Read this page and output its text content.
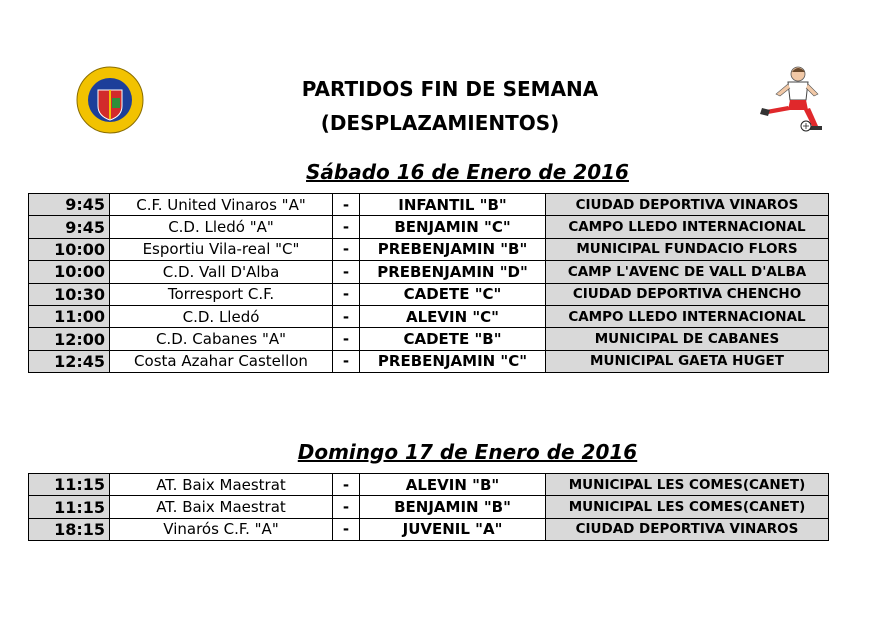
PARTIDOS FIN DE SEMANA
(DESPLAZAMIENTOS)
Sábado 16 de Enero de 2016
9:45	C.F. United Vinaros "A"	-	INFANTIL "B"	CIUDAD DEPORTIVA VINAROS
9:45	C.D. Lledó "A"	-	BENJAMIN "C"	CAMPO LLEDO INTERNACIONAL
10:00	Esportiu Vila-real "C"	-	PREBENJAMIN "B"	MUNICIPAL FUNDACIO FLORS
10:00	C.D. Vall D'Alba	-	PREBENJAMIN "D"	CAMP L'AVENC DE VALL D'ALBA
10:30	Torresport C.F.	-	CADETE "C"	CIUDAD DEPORTIVA CHENCHO
11:00	C.D. Lledó	-	ALEVIN "C"	CAMPO LLEDO INTERNACIONAL
12:00	C.D. Cabanes "A"	-	CADETE "B"	MUNICIPAL DE CABANES
12:45	Costa Azahar Castellon	-	PREBENJAMIN "C"	MUNICIPAL GAETA HUGET
Domingo 17 de Enero de 2016
11:15	AT. Baix Maestrat	-	ALEVIN "B"	MUNICIPAL LES COMES(CANET)
11:15	AT. Baix Maestrat	-	BENJAMIN "B"	MUNICIPAL LES COMES(CANET)
18:15	Vinarós C.F. "A"	-	JUVENIL "A"	CIUDAD DEPORTIVA VINAROS
